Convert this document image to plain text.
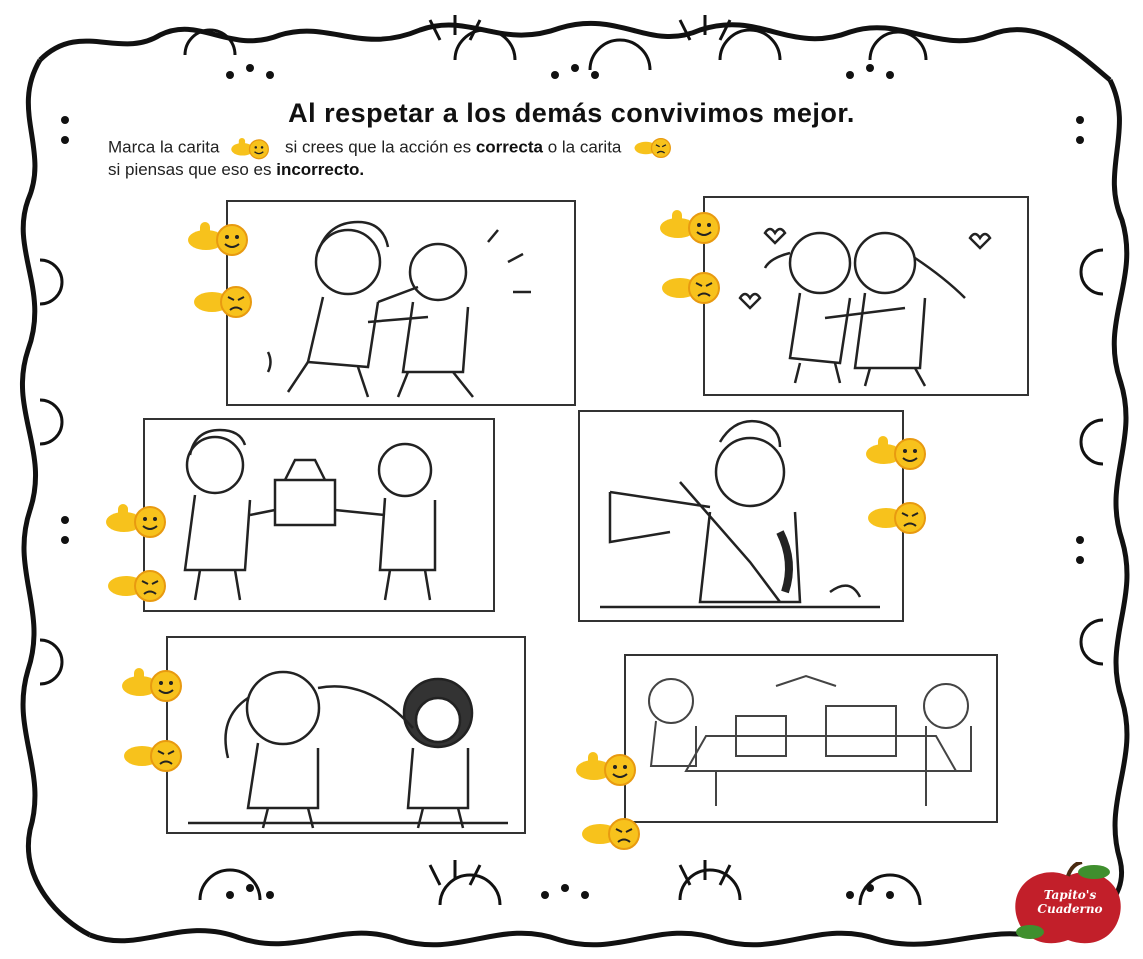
Al respetar a los demás convivimos mejor.
Marca la carita	si crees que la acción es correcta o la carita
si piensas que eso es incorrecto.
Tapito's
Cuaderno
